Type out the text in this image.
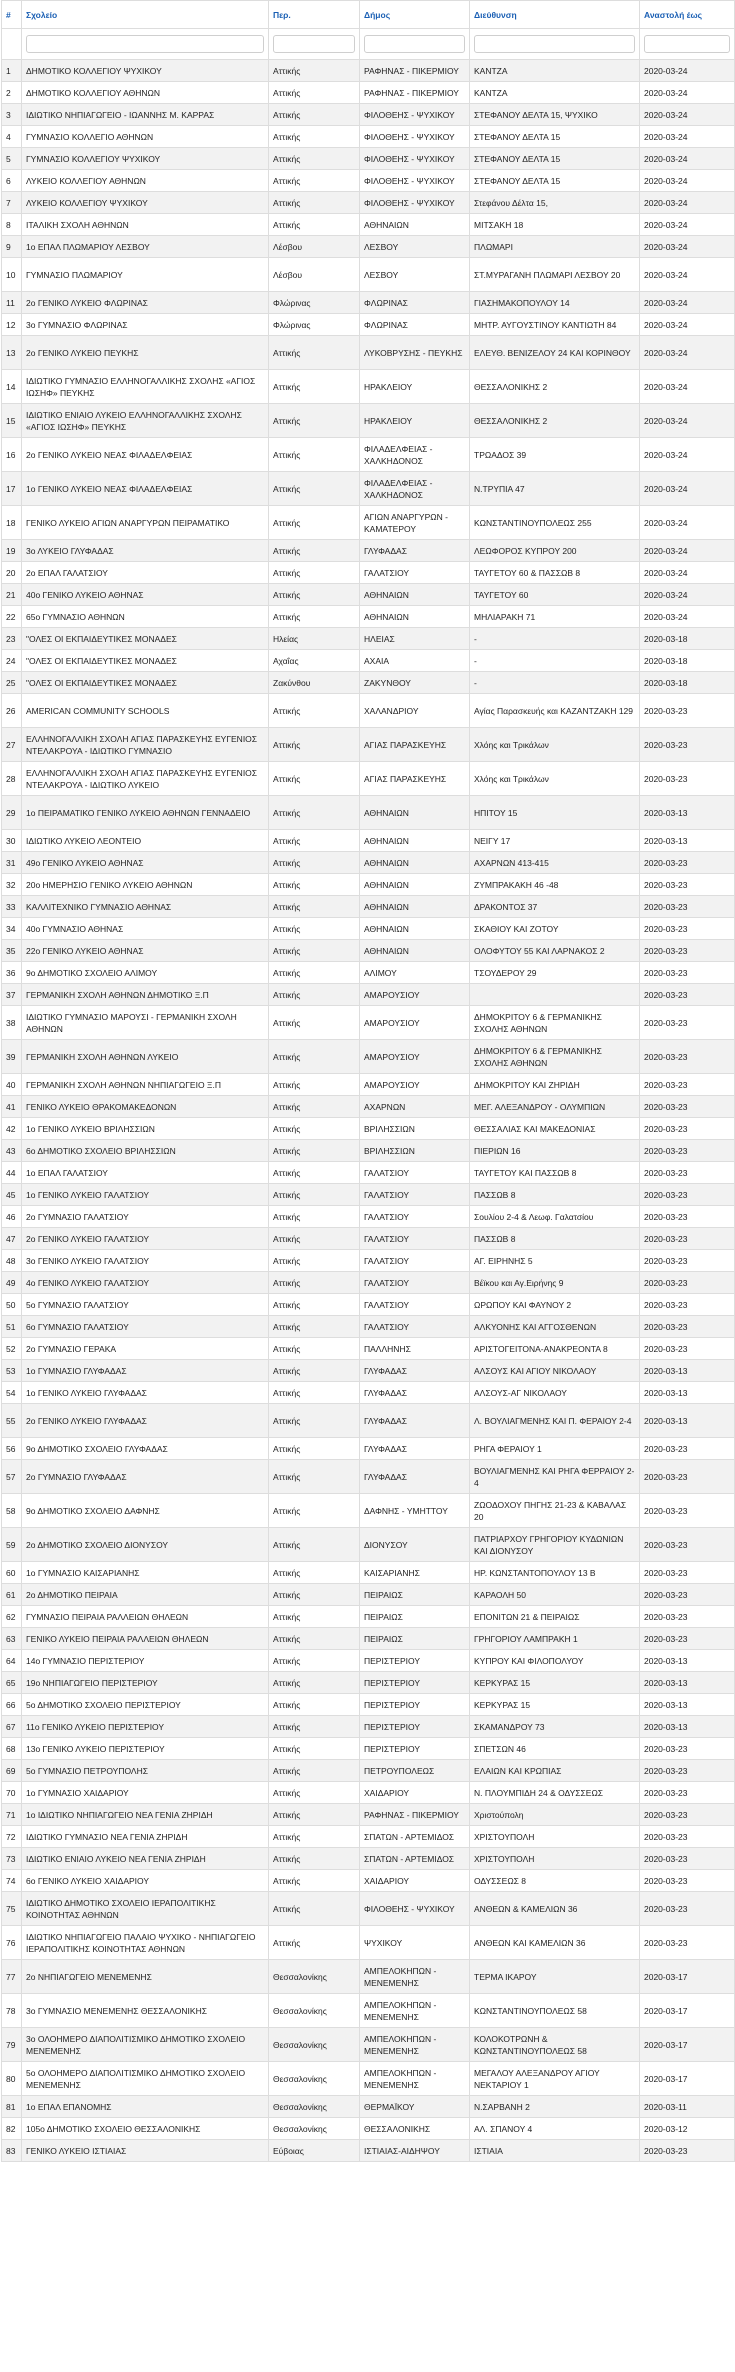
#	Σχολείο	Περ.	Δήμος	Διεύθυνση	Αναστολή έως

1	ΔΗΜΟΤΙΚΟ ΚΟΛΛΕΓΙΟΥ ΨΥΧΙΚΟΥ	Αττικής	ΡΑΦΗΝΑΣ - ΠΙΚΕΡΜΙΟΥ	ΚΑΝΤΖΑ	2020-03-24
2	ΔΗΜΟΤΙΚΟ ΚΟΛΛΕΓΙΟΥ ΑΘΗΝΩΝ	Αττικής	ΡΑΦΗΝΑΣ - ΠΙΚΕΡΜΙΟΥ	ΚΑΝΤΖΑ	2020-03-24
3	ΙΔΙΩΤΙΚΟ ΝΗΠΙΑΓΩΓΕΙΟ - ΙΩΑΝΝΗΣ Μ. ΚΑΡΡΑΣ	Αττικής	ΦΙΛΟΘΕΗΣ - ΨΥΧΙΚΟΥ	ΣΤΕΦΑΝΟΥ ΔΕΛΤΑ 15, ΨΥΧΙΚΟ	2020-03-24
4	ΓΥΜΝΑΣΙΟ ΚΟΛΛΕΓΙΟ ΑΘΗΝΩΝ	Αττικής	ΦΙΛΟΘΕΗΣ - ΨΥΧΙΚΟΥ	ΣΤΕΦΑΝΟΥ ΔΕΛΤΑ 15	2020-03-24
5	ΓΥΜΝΑΣΙΟ ΚΟΛΛΕΓΙΟΥ ΨΥΧΙΚΟΥ	Αττικής	ΦΙΛΟΘΕΗΣ - ΨΥΧΙΚΟΥ	ΣΤΕΦΑΝΟΥ ΔΕΛΤΑ 15	2020-03-24
6	ΛΥΚΕΙΟ ΚΟΛΛΕΓΙΟΥ ΑΘΗΝΩΝ	Αττικής	ΦΙΛΟΘΕΗΣ - ΨΥΧΙΚΟΥ	ΣΤΕΦΑΝΟΥ ΔΕΛΤΑ 15	2020-03-24
7	ΛΥΚΕΙΟ ΚΟΛΛΕΓΙΟΥ ΨΥΧΙΚΟΥ	Αττικής	ΦΙΛΟΘΕΗΣ - ΨΥΧΙΚΟΥ	Στεφάνου Δέλτα 15,	2020-03-24
8	ΙΤΑΛΙΚΗ ΣΧΟΛΗ ΑΘΗΝΩΝ	Αττικής	ΑΘΗΝΑΙΩΝ	ΜΙΤΣΑΚΗ 18	2020-03-24
9	1ο ΕΠΑΛ ΠΛΩΜΑΡΙΟΥ ΛΕΣΒΟΥ	Λέσβου	ΛΕΣΒΟΥ	ΠΛΩΜΑΡΙ	2020-03-24
10	ΓΥΜΝΑΣΙΟ ΠΛΩΜΑΡΙΟΥ	Λέσβου	ΛΕΣΒΟΥ	ΣΤ.ΜΥΡΑΓΑΝΗ ΠΛΩΜΑΡΙ ΛΕΣΒΟΥ 20	2020-03-24
11	2ο ΓΕΝΙΚΟ ΛΥΚΕΙΟ ΦΛΩΡΙΝΑΣ	Φλώρινας	ΦΛΩΡΙΝΑΣ	ΓΙΑΣΗΜΑΚΟΠΟΥΛΟΥ 14	2020-03-24
12	3ο ΓΥΜΝΑΣΙΟ ΦΛΩΡΙΝΑΣ	Φλώρινας	ΦΛΩΡΙΝΑΣ	ΜΗΤΡ. ΑΥΓΟΥΣΤΙΝΟΥ ΚΑΝΤΙΩΤΗ 84	2020-03-24
13	2ο ΓΕΝΙΚΟ ΛΥΚΕΙΟ ΠΕΥΚΗΣ	Αττικής	ΛΥΚΟΒΡΥΣΗΣ - ΠΕΥΚΗΣ	ΕΛΕΥΘ. ΒΕΝΙΖΕΛΟΥ 24 ΚΑΙ ΚΟΡΙΝΘΟΥ	2020-03-24
14	ΙΔΙΩΤΙΚΟ ΓΥΜΝΑΣΙΟ ΕΛΛΗΝΟΓΑΛΛΙΚΗΣ ΣΧΟΛΗΣ «ΑΓΙΟΣ ΙΩΣΗΦ» ΠΕΥΚΗΣ	Αττικής	ΗΡΑΚΛΕΙΟΥ	ΘΕΣΣΑΛΟΝΙΚΗΣ 2	2020-03-24
15	ΙΔΙΩΤΙΚΟ ΕΝΙΑΙΟ ΛΥΚΕΙΟ ΕΛΛΗΝΟΓΑΛΛΙΚΗΣ ΣΧΟΛΗΣ «ΑΓΙΟΣ ΙΩΣΗΦ» ΠΕΥΚΗΣ	Αττικής	ΗΡΑΚΛΕΙΟΥ	ΘΕΣΣΑΛΟΝΙΚΗΣ 2	2020-03-24
16	2ο ΓΕΝΙΚΟ ΛΥΚΕΙΟ ΝΕΑΣ ΦΙΛΑΔΕΛΦΕΙΑΣ	Αττικής	ΦΙΛΑΔΕΛΦΕΙΑΣ - ΧΑΛΚΗΔΟΝΟΣ	ΤΡΩΑΔΟΣ 39	2020-03-24
17	1ο ΓΕΝΙΚΟ ΛΥΚΕΙΟ ΝΕΑΣ ΦΙΛΑΔΕΛΦΕΙΑΣ	Αττικής	ΦΙΛΑΔΕΛΦΕΙΑΣ - ΧΑΛΚΗΔΟΝΟΣ	Ν.ΤΡΥΠΙΑ 47	2020-03-24
18	ΓΕΝΙΚΟ ΛΥΚΕΙΟ ΑΓΙΩΝ ΑΝΑΡΓΥΡΩΝ ΠΕΙΡΑΜΑΤΙΚΟ	Αττικής	ΑΓΙΩΝ ΑΝΑΡΓΥΡΩΝ - ΚΑΜΑΤΕΡΟΥ	ΚΩΝΣΤΑΝΤΙΝΟΥΠΟΛΕΩΣ 255	2020-03-24
19	3ο ΛΥΚΕΙΟ ΓΛΥΦΑΔΑΣ	Αττικής	ΓΛΥΦΑΔΑΣ	ΛΕΩΦΟΡΟΣ ΚΥΠΡΟΥ 200	2020-03-24
20	2ο ΕΠΑΛ ΓΑΛΑΤΣΙΟΥ	Αττικής	ΓΑΛΑΤΣΙΟΥ	ΤΑΥΓΕΤΟΥ 60 & ΠΑΣΣΩΒ 8	2020-03-24
21	40ο ΓΕΝΙΚΟ ΛΥΚΕΙΟ ΑΘΗΝΑΣ	Αττικής	ΑΘΗΝΑΙΩΝ	ΤΑΥΓΕΤΟΥ 60	2020-03-24
22	65ο ΓΥΜΝΑΣΙΟ ΑΘΗΝΩΝ	Αττικής	ΑΘΗΝΑΙΩΝ	ΜΗΛΙΑΡΑΚΗ 71	2020-03-24
23	"ΟΛΕΣ ΟΙ ΕΚΠΑΙΔΕΥΤΙΚΕΣ ΜΟΝΑΔΕΣ	Ηλείας	ΗΛΕΙΑΣ	-	2020-03-18
24	"ΟΛΕΣ ΟΙ ΕΚΠΑΙΔΕΥΤΙΚΕΣ ΜΟΝΑΔΕΣ	Αχαΐας	ΑΧΑΙΑ	-	2020-03-18
25	"ΟΛΕΣ ΟΙ ΕΚΠΑΙΔΕΥΤΙΚΕΣ ΜΟΝΑΔΕΣ	Ζακύνθου	ΖΑΚΥΝΘΟΥ	-	2020-03-18
26	AMERICAN COMMUNITY SCHOOLS	Αττικής	ΧΑΛΑΝΔΡΙΟΥ	Αγίας Παρασκευής και ΚΑΖΑΝΤΖΑΚΗ 129	2020-03-23
27	ΕΛΛΗΝΟΓΑΛΛΙΚΗ ΣΧΟΛΗ ΑΓΙΑΣ ΠΑΡΑΣΚΕΥΗΣ ΕΥΓΕΝΙΟΣ ΝΤΕΛΑΚΡΟΥΑ - ΙΔΙΩΤΙΚΟ ΓΥΜΝΑΣΙΟ	Αττικής	ΑΓΙΑΣ ΠΑΡΑΣΚΕΥΗΣ	Χλόης και Τρικάλων	2020-03-23
28	ΕΛΛΗΝΟΓΑΛΛΙΚΗ ΣΧΟΛΗ ΑΓΙΑΣ ΠΑΡΑΣΚΕΥΗΣ ΕΥΓΕΝΙΟΣ ΝΤΕΛΑΚΡΟΥΑ - ΙΔΙΩΤΙΚΟ ΛΥΚΕΙΟ	Αττικής	ΑΓΙΑΣ ΠΑΡΑΣΚΕΥΗΣ	Χλόης και Τρικάλων	2020-03-23
29	1ο ΠΕΙΡΑΜΑΤΙΚΟ ΓΕΝΙΚΟ ΛΥΚΕΙΟ ΑΘΗΝΩΝ ΓΕΝΝΑΔΕΙΟ	Αττικής	ΑΘΗΝΑΙΩΝ	ΗΠΙΤΟΥ 15	2020-03-13
30	ΙΔΙΩΤΙΚΟ ΛΥΚΕΙΟ ΛΕΟΝΤΕΙΟ	Αττικής	ΑΘΗΝΑΙΩΝ	ΝΕΙΓΥ 17	2020-03-13
31	49ο ΓΕΝΙΚΟ ΛΥΚΕΙΟ ΑΘΗΝΑΣ	Αττικής	ΑΘΗΝΑΙΩΝ	ΑΧΑΡΝΩΝ 413-415	2020-03-23
32	20ο ΗΜΕΡΗΣΙΟ ΓΕΝΙΚΟ ΛΥΚΕΙΟ ΑΘΗΝΩΝ	Αττικής	ΑΘΗΝΑΙΩΝ	ΖΥΜΠΡΑΚΑΚΗ 46 -48	2020-03-23
33	ΚΑΛΛΙΤΕΧΝΙΚΟ ΓΥΜΝΑΣΙΟ ΑΘΗΝΑΣ	Αττικής	ΑΘΗΝΑΙΩΝ	ΔΡΑΚΟΝΤΟΣ 37	2020-03-23
34	40ο ΓΥΜΝΑΣΙΟ ΑΘΗΝΑΣ	Αττικής	ΑΘΗΝΑΙΩΝ	ΣΚΑΘΙΟΥ ΚΑΙ ΖΟΤΟΥ	2020-03-23
35	22ο ΓΕΝΙΚΟ ΛΥΚΕΙΟ ΑΘΗΝΑΣ	Αττικής	ΑΘΗΝΑΙΩΝ	ΟΛΟΦΥΤΟΥ 55 ΚΑΙ ΛΑΡΝΑΚΟΣ 2	2020-03-23
36	9ο ΔΗΜΟΤΙΚΟ ΣΧΟΛΕΙΟ ΑΛΙΜΟΥ	Αττικής	ΑΛΙΜΟΥ	ΤΣΟΥΔΕΡΟΥ 29	2020-03-23
37	ΓΕΡΜΑΝΙΚΗ ΣΧΟΛΗ ΑΘΗΝΩΝ ΔΗΜΟΤΙΚΟ Ξ.Π	Αττικής	ΑΜΑΡΟΥΣΙΟΥ		2020-03-23
38	ΙΔΙΩΤΙΚΟ ΓΥΜΝΑΣΙΟ ΜΑΡΟΥΣΙ - ΓΕΡΜΑΝΙΚΗ ΣΧΟΛΗ ΑΘΗΝΩΝ	Αττικής	ΑΜΑΡΟΥΣΙΟΥ	ΔΗΜΟΚΡΙΤΟΥ 6 & ΓΕΡΜΑΝΙΚΗΣ ΣΧΟΛΗΣ ΑΘΗΝΩΝ	2020-03-23
39	ΓΕΡΜΑΝΙΚΗ ΣΧΟΛΗ ΑΘΗΝΩΝ ΛΥΚΕΙΟ	Αττικής	ΑΜΑΡΟΥΣΙΟΥ	ΔΗΜΟΚΡΙΤΟΥ 6 & ΓΕΡΜΑΝΙΚΗΣ ΣΧΟΛΗΣ ΑΘΗΝΩΝ	2020-03-23
40	ΓΕΡΜΑΝΙΚΗ ΣΧΟΛΗ ΑΘΗΝΩΝ ΝΗΠΙΑΓΩΓΕΙΟ Ξ.Π	Αττικής	ΑΜΑΡΟΥΣΙΟΥ	ΔΗΜΟΚΡΙΤΟΥ ΚΑΙ ΖΗΡΙΔΗ	2020-03-23
41	ΓΕΝΙΚΟ ΛΥΚΕΙΟ ΘΡΑΚΟΜΑΚΕΔΟΝΩΝ	Αττικής	ΑΧΑΡΝΩΝ	ΜΕΓ. ΑΛΕΞΑΝΔΡΟΥ - ΟΛΥΜΠΙΩΝ	2020-03-23
42	1ο ΓΕΝΙΚΟ ΛΥΚΕΙΟ ΒΡΙΛΗΣΣΙΩΝ	Αττικής	ΒΡΙΛΗΣΣΙΩΝ	ΘΕΣΣΑΛΙΑΣ ΚΑΙ ΜΑΚΕΔΟΝΙΑΣ	2020-03-23
43	6ο ΔΗΜΟΤΙΚΟ ΣΧΟΛΕΙΟ ΒΡΙΛΗΣΣΙΩΝ	Αττικής	ΒΡΙΛΗΣΣΙΩΝ	ΠΙΕΡΙΩΝ 16	2020-03-23
44	1ο ΕΠΑΛ ΓΑΛΑΤΣΙΟΥ	Αττικής	ΓΑΛΑΤΣΙΟΥ	ΤΑΥΓΕΤΟΥ ΚΑΙ ΠΑΣΣΩΒ 8	2020-03-23
45	1ο ΓΕΝΙΚΟ ΛΥΚΕΙΟ ΓΑΛΑΤΣΙΟΥ	Αττικής	ΓΑΛΑΤΣΙΟΥ	ΠΑΣΣΩΒ 8	2020-03-23
46	2ο ΓΥΜΝΑΣΙΟ ΓΑΛΑΤΣΙΟΥ	Αττικής	ΓΑΛΑΤΣΙΟΥ	Σουλίου 2-4 & Λεωφ. Γαλατσίου	2020-03-23
47	2ο ΓΕΝΙΚΟ ΛΥΚΕΙΟ ΓΑΛΑΤΣΙΟΥ	Αττικής	ΓΑΛΑΤΣΙΟΥ	ΠΑΣΣΩΒ 8	2020-03-23
48	3ο ΓΕΝΙΚΟ ΛΥΚΕΙΟ ΓΑΛΑΤΣΙΟΥ	Αττικής	ΓΑΛΑΤΣΙΟΥ	ΑΓ. ΕΙΡΗΝΗΣ 5	2020-03-23
49	4ο ΓΕΝΙΚΟ ΛΥΚΕΙΟ ΓΑΛΑΤΣΙΟΥ	Αττικής	ΓΑΛΑΤΣΙΟΥ	Βέϊκου και Αγ.Ειρήνης 9	2020-03-23
50	5ο ΓΥΜΝΑΣΙΟ ΓΑΛΑΤΣΙΟΥ	Αττικής	ΓΑΛΑΤΣΙΟΥ	ΩΡΩΠΟΥ ΚΑΙ ΦΑΥΝΟΥ 2	2020-03-23
51	6ο ΓΥΜΝΑΣΙΟ ΓΑΛΑΤΣΙΟΥ	Αττικής	ΓΑΛΑΤΣΙΟΥ	ΑΛΚΥΟΝΗΣ ΚΑΙ ΑΓΓΟΣΘΕΝΩΝ	2020-03-23
52	2ο ΓΥΜΝΑΣΙΟ ΓΕΡΑΚΑ	Αττικής	ΠΑΛΛΗΝΗΣ	ΑΡΙΣΤΟΓΕΙΤΟΝΑ-ΑΝΑΚΡΕΟΝΤΑ 8	2020-03-23
53	1ο ΓΥΜΝΑΣΙΟ ΓΛΥΦΑΔΑΣ	Αττικής	ΓΛΥΦΑΔΑΣ	ΑΛΣΟΥΣ ΚΑΙ ΑΓΙΟΥ ΝΙΚΟΛΑΟΥ	2020-03-13
54	1ο ΓΕΝΙΚΟ ΛΥΚΕΙΟ ΓΛΥΦΑΔΑΣ	Αττικής	ΓΛΥΦΑΔΑΣ	ΑΛΣΟΥΣ-ΑΓ ΝΙΚΟΛΑΟΥ	2020-03-13
55	2ο ΓΕΝΙΚΟ ΛΥΚΕΙΟ ΓΛΥΦΑΔΑΣ	Αττικής	ΓΛΥΦΑΔΑΣ	Λ. ΒΟΥΛΙΑΓΜΕΝΗΣ ΚΑΙ Π. ΦΕΡΑΙΟΥ 2-4	2020-03-13
56	9ο ΔΗΜΟΤΙΚΟ ΣΧΟΛΕΙΟ ΓΛΥΦΑΔΑΣ	Αττικής	ΓΛΥΦΑΔΑΣ	ΡΗΓΑ ΦΕΡΑΙΟΥ 1	2020-03-23
57	2ο ΓΥΜΝΑΣΙΟ ΓΛΥΦΑΔΑΣ	Αττικής	ΓΛΥΦΑΔΑΣ	ΒΟΥΛΙΑΓΜΕΝΗΣ ΚΑΙ ΡΗΓΑ ΦΕΡΡΑΙΟΥ 2-4	2020-03-23
58	9ο ΔΗΜΟΤΙΚΟ ΣΧΟΛΕΙΟ ΔΑΦΝΗΣ	Αττικής	ΔΑΦΝΗΣ - ΥΜΗΤΤΟΥ	ΖΩΟΔΟΧΟΥ ΠΗΓΗΣ 21-23 & ΚΑΒΑΛΑΣ 20	2020-03-23
59	2ο ΔΗΜΟΤΙΚΟ ΣΧΟΛΕΙΟ ΔΙΟΝΥΣΟΥ	Αττικής	ΔΙΟΝΥΣΟΥ	ΠΑΤΡΙΑΡΧΟΥ ΓΡΗΓΟΡΙΟΥ ΚΥΔΩΝΙΩΝ ΚΑΙ ΔΙΟΝΥΣΟΥ	2020-03-23
60	1ο ΓΥΜΝΑΣΙΟ ΚΑΙΣΑΡΙΑΝΗΣ	Αττικής	ΚΑΙΣΑΡΙΑΝΗΣ	ΗΡ. ΚΩΝΣΤΑΝΤΟΠΟΥΛΟΥ 13 Β	2020-03-23
61	2ο ΔΗΜΟΤΙΚΟ ΠΕΙΡΑΙΑ	Αττικής	ΠΕΙΡΑΙΩΣ	ΚΑΡΑΟΛΗ 50	2020-03-23
62	ΓΥΜΝΑΣΙΟ ΠΕΙΡΑΙΑ ΡΑΛΛΕΙΩΝ ΘΗΛΕΩΝ	Αττικής	ΠΕΙΡΑΙΩΣ	ΕΠΟΝΙΤΩΝ 21 & ΠΕΙΡΑΙΩΣ	2020-03-23
63	ΓΕΝΙΚΟ ΛΥΚΕΙΟ ΠΕΙΡΑΙΑ ΡΑΛΛΕΙΩΝ ΘΗΛΕΩΝ	Αττικής	ΠΕΙΡΑΙΩΣ	ΓΡΗΓΟΡΙΟΥ ΛΑΜΠΡΑΚΗ 1	2020-03-23
64	14ο ΓΥΜΝΑΣΙΟ ΠΕΡΙΣΤΕΡΙΟΥ	Αττικής	ΠΕΡΙΣΤΕΡΙΟΥ	ΚΥΠΡΟΥ ΚΑΙ ΦΙΛΟΠΟΛΥΟΥ	2020-03-13
65	19ο ΝΗΠΙΑΓΩΓΕΙΟ ΠΕΡΙΣΤΕΡΙΟΥ	Αττικής	ΠΕΡΙΣΤΕΡΙΟΥ	ΚΕΡΚΥΡΑΣ 15	2020-03-13
66	5ο ΔΗΜΟΤΙΚΟ ΣΧΟΛΕΙΟ ΠΕΡΙΣΤΕΡΙΟΥ	Αττικής	ΠΕΡΙΣΤΕΡΙΟΥ	ΚΕΡΚΥΡΑΣ 15	2020-03-13
67	11ο ΓΕΝΙΚΟ ΛΥΚΕΙΟ ΠΕΡΙΣΤΕΡΙΟΥ	Αττικής	ΠΕΡΙΣΤΕΡΙΟΥ	ΣΚΑΜΑΝΔΡΟΥ 73	2020-03-13
68	13ο ΓΕΝΙΚΟ ΛΥΚΕΙΟ ΠΕΡΙΣΤΕΡΙΟΥ	Αττικής	ΠΕΡΙΣΤΕΡΙΟΥ	ΣΠΕΤΣΩΝ 46	2020-03-23
69	5ο ΓΥΜΝΑΣΙΟ ΠΕΤΡΟΥΠΟΛΗΣ	Αττικής	ΠΕΤΡΟΥΠΟΛΕΩΣ	ΕΛΑΙΩΝ ΚΑΙ ΚΡΩΠΙΑΣ	2020-03-23
70	1ο ΓΥΜΝΑΣΙΟ ΧΑΙΔΑΡΙΟΥ	Αττικής	ΧΑΙΔΑΡΙΟΥ	Ν. ΠΛΟΥΜΠΙΔΗ 24 & ΟΔΥΣΣΕΩΣ	2020-03-23
71	1ο ΙΔΙΩΤΙΚΟ ΝΗΠΙΑΓΩΓΕΙΟ ΝΕΑ ΓΕΝΙΑ ΖΗΡΙΔΗ	Αττικής	ΡΑΦΗΝΑΣ - ΠΙΚΕΡΜΙΟΥ	Χριστούπολη	2020-03-23
72	ΙΔΙΩΤΙΚΟ ΓΥΜΝΑΣΙΟ ΝΕΑ ΓΕΝΙΑ ΖΗΡΙΔΗ	Αττικής	ΣΠΑΤΩΝ - ΑΡΤΕΜΙΔΟΣ	ΧΡΙΣΤΟΥΠΟΛΗ	2020-03-23
73	ΙΔΙΩΤΙΚΟ ΕΝΙΑΙΟ ΛΥΚΕΙΟ ΝΕΑ ΓΕΝΙΑ ΖΗΡΙΔΗ	Αττικής	ΣΠΑΤΩΝ - ΑΡΤΕΜΙΔΟΣ	ΧΡΙΣΤΟΥΠΟΛΗ	2020-03-23
74	6ο ΓΕΝΙΚΟ ΛΥΚΕΙΟ ΧΑΙΔΑΡΙΟΥ	Αττικής	ΧΑΙΔΑΡΙΟΥ	ΟΔΥΣΣΕΩΣ 8	2020-03-23
75	ΙΔΙΩΤΙΚΟ ΔΗΜΟΤΙΚΟ ΣΧΟΛΕΙΟ ΙΕΡΑΠΟΛΙΤΙΚΗΣ ΚΟΙΝΟΤΗΤΑΣ ΑΘΗΝΩΝ	Αττικής	ΦΙΛΟΘΕΗΣ - ΨΥΧΙΚΟΥ	ΑΝΘΕΩΝ & ΚΑΜΕΛΙΩΝ 36	2020-03-23
76	ΙΔΙΩΤΙΚΟ ΝΗΠΙΑΓΩΓΕΙΟ ΠΑΛΑΙΟ ΨΥΧΙΚΟ - ΝΗΠΙΑΓΩΓΕΙΟ ΙΕΡΑΠΟΛΙΤΙΚΗΣ ΚΟΙΝΟΤΗΤΑΣ ΑΘΗΝΩΝ	Αττικής	ΨΥΧΙΚΟΥ	ΑΝΘΕΩΝ ΚΑΙ ΚΑΜΕΛΙΩΝ 36	2020-03-23
77	2ο ΝΗΠΙΑΓΩΓΕΙΟ ΜΕΝΕΜΕΝΗΣ	Θεσσαλονίκης	ΑΜΠΕΛΟΚΗΠΩΝ - ΜΕΝΕΜΕΝΗΣ	ΤΕΡΜΑ ΙΚΑΡΟΥ	2020-03-17
78	3ο ΓΥΜΝΑΣΙΟ ΜΕΝΕΜΕΝΗΣ ΘΕΣΣΑΛΟΝΙΚΗΣ	Θεσσαλονίκης	ΑΜΠΕΛΟΚΗΠΩΝ - ΜΕΝΕΜΕΝΗΣ	ΚΩΝΣΤΑΝΤΙΝΟΥΠΟΛΕΩΣ 58	2020-03-17
79	3ο ΟΛΟΗΜΕΡΟ ΔΙΑΠΟΛΙΤΙΣΜΙΚΟ ΔΗΜΟΤΙΚΟ ΣΧΟΛΕΙΟ ΜΕΝΕΜΕΝΗΣ	Θεσσαλονίκης	ΑΜΠΕΛΟΚΗΠΩΝ - ΜΕΝΕΜΕΝΗΣ	ΚΟΛΟΚΟΤΡΩΝΗ & ΚΩΝΣΤΑΝΤΙΝΟΥΠΟΛΕΩΣ 58	2020-03-17
80	5ο ΟΛΟΗΜΕΡΟ ΔΙΑΠΟΛΙΤΙΣΜΙΚΟ ΔΗΜΟΤΙΚΟ ΣΧΟΛΕΙΟ ΜΕΝΕΜΕΝΗΣ	Θεσσαλονίκης	ΑΜΠΕΛΟΚΗΠΩΝ - ΜΕΝΕΜΕΝΗΣ	ΜΕΓΑΛΟΥ ΑΛΕΞΑΝΔΡΟΥ ΑΓΙΟΥ ΝΕΚΤΑΡΙΟΥ 1	2020-03-17
81	1ο ΕΠΑΛ ΕΠΑΝΟΜΗΣ	Θεσσαλονίκης	ΘΕΡΜΑΪΚΟΥ	Ν.ΣΑΡΒΑΝΗ 2	2020-03-11
82	105ο ΔΗΜΟΤΙΚΟ ΣΧΟΛΕΙΟ ΘΕΣΣΑΛΟΝΙΚΗΣ	Θεσσαλονίκης	ΘΕΣΣΑΛΟΝΙΚΗΣ	ΑΛ. ΣΠΑΝΟΥ 4	2020-03-12
83	ΓΕΝΙΚΟ ΛΥΚΕΙΟ ΙΣΤΙΑΙΑΣ	Εύβοιας	ΙΣΤΙΑΙΑΣ-ΑΙΔΗΨΟΥ	ΙΣΤΙΑΙΑ	2020-03-23
